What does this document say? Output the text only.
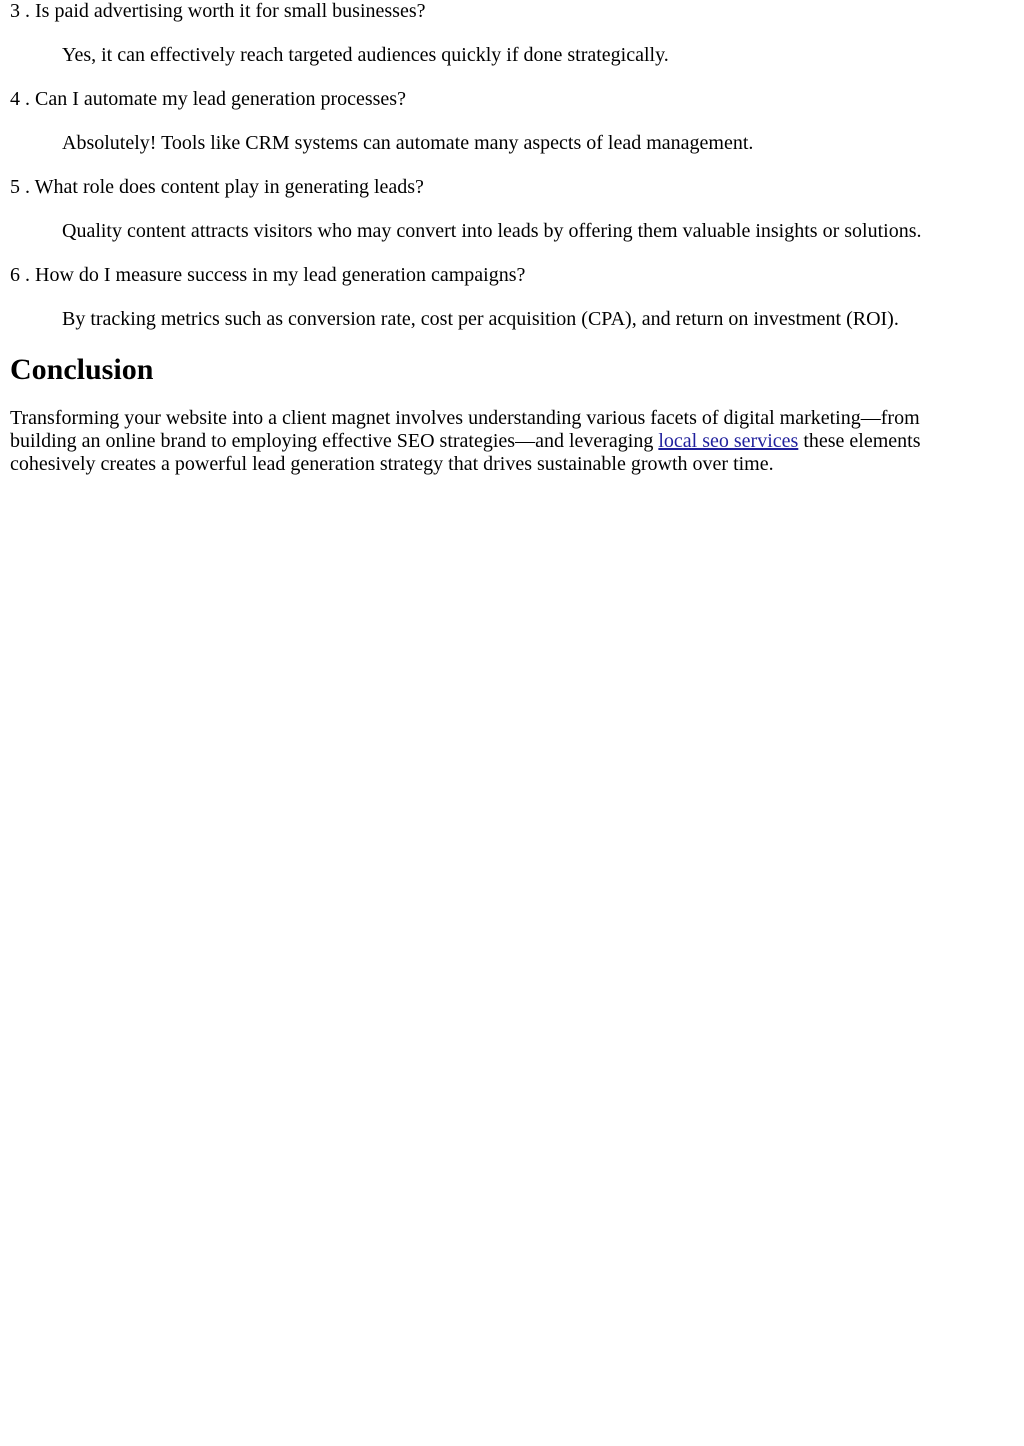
3 . Is paid advertising worth it for small businesses?

Yes, it can effectively reach targeted audiences quickly if done strategically.

4 . Can I automate my lead generation processes?

Absolutely! Tools like CRM systems can automate many aspects of lead management.

5 . What role does content play in generating leads?

Quality content attracts visitors who may convert into leads by offering them valuable insights or solutions.

6 . How do I measure success in my lead generation campaigns?

By tracking metrics such as conversion rate, cost per acquisition (CPA), and return on investment (ROI).

Conclusion

Transforming your website into a client magnet involves understanding various facets of digital marketing—from building an online brand to employing effective SEO strategies—and leveraging local seo services these elements cohesively creates a powerful lead generation strategy that drives sustainable growth over time.
